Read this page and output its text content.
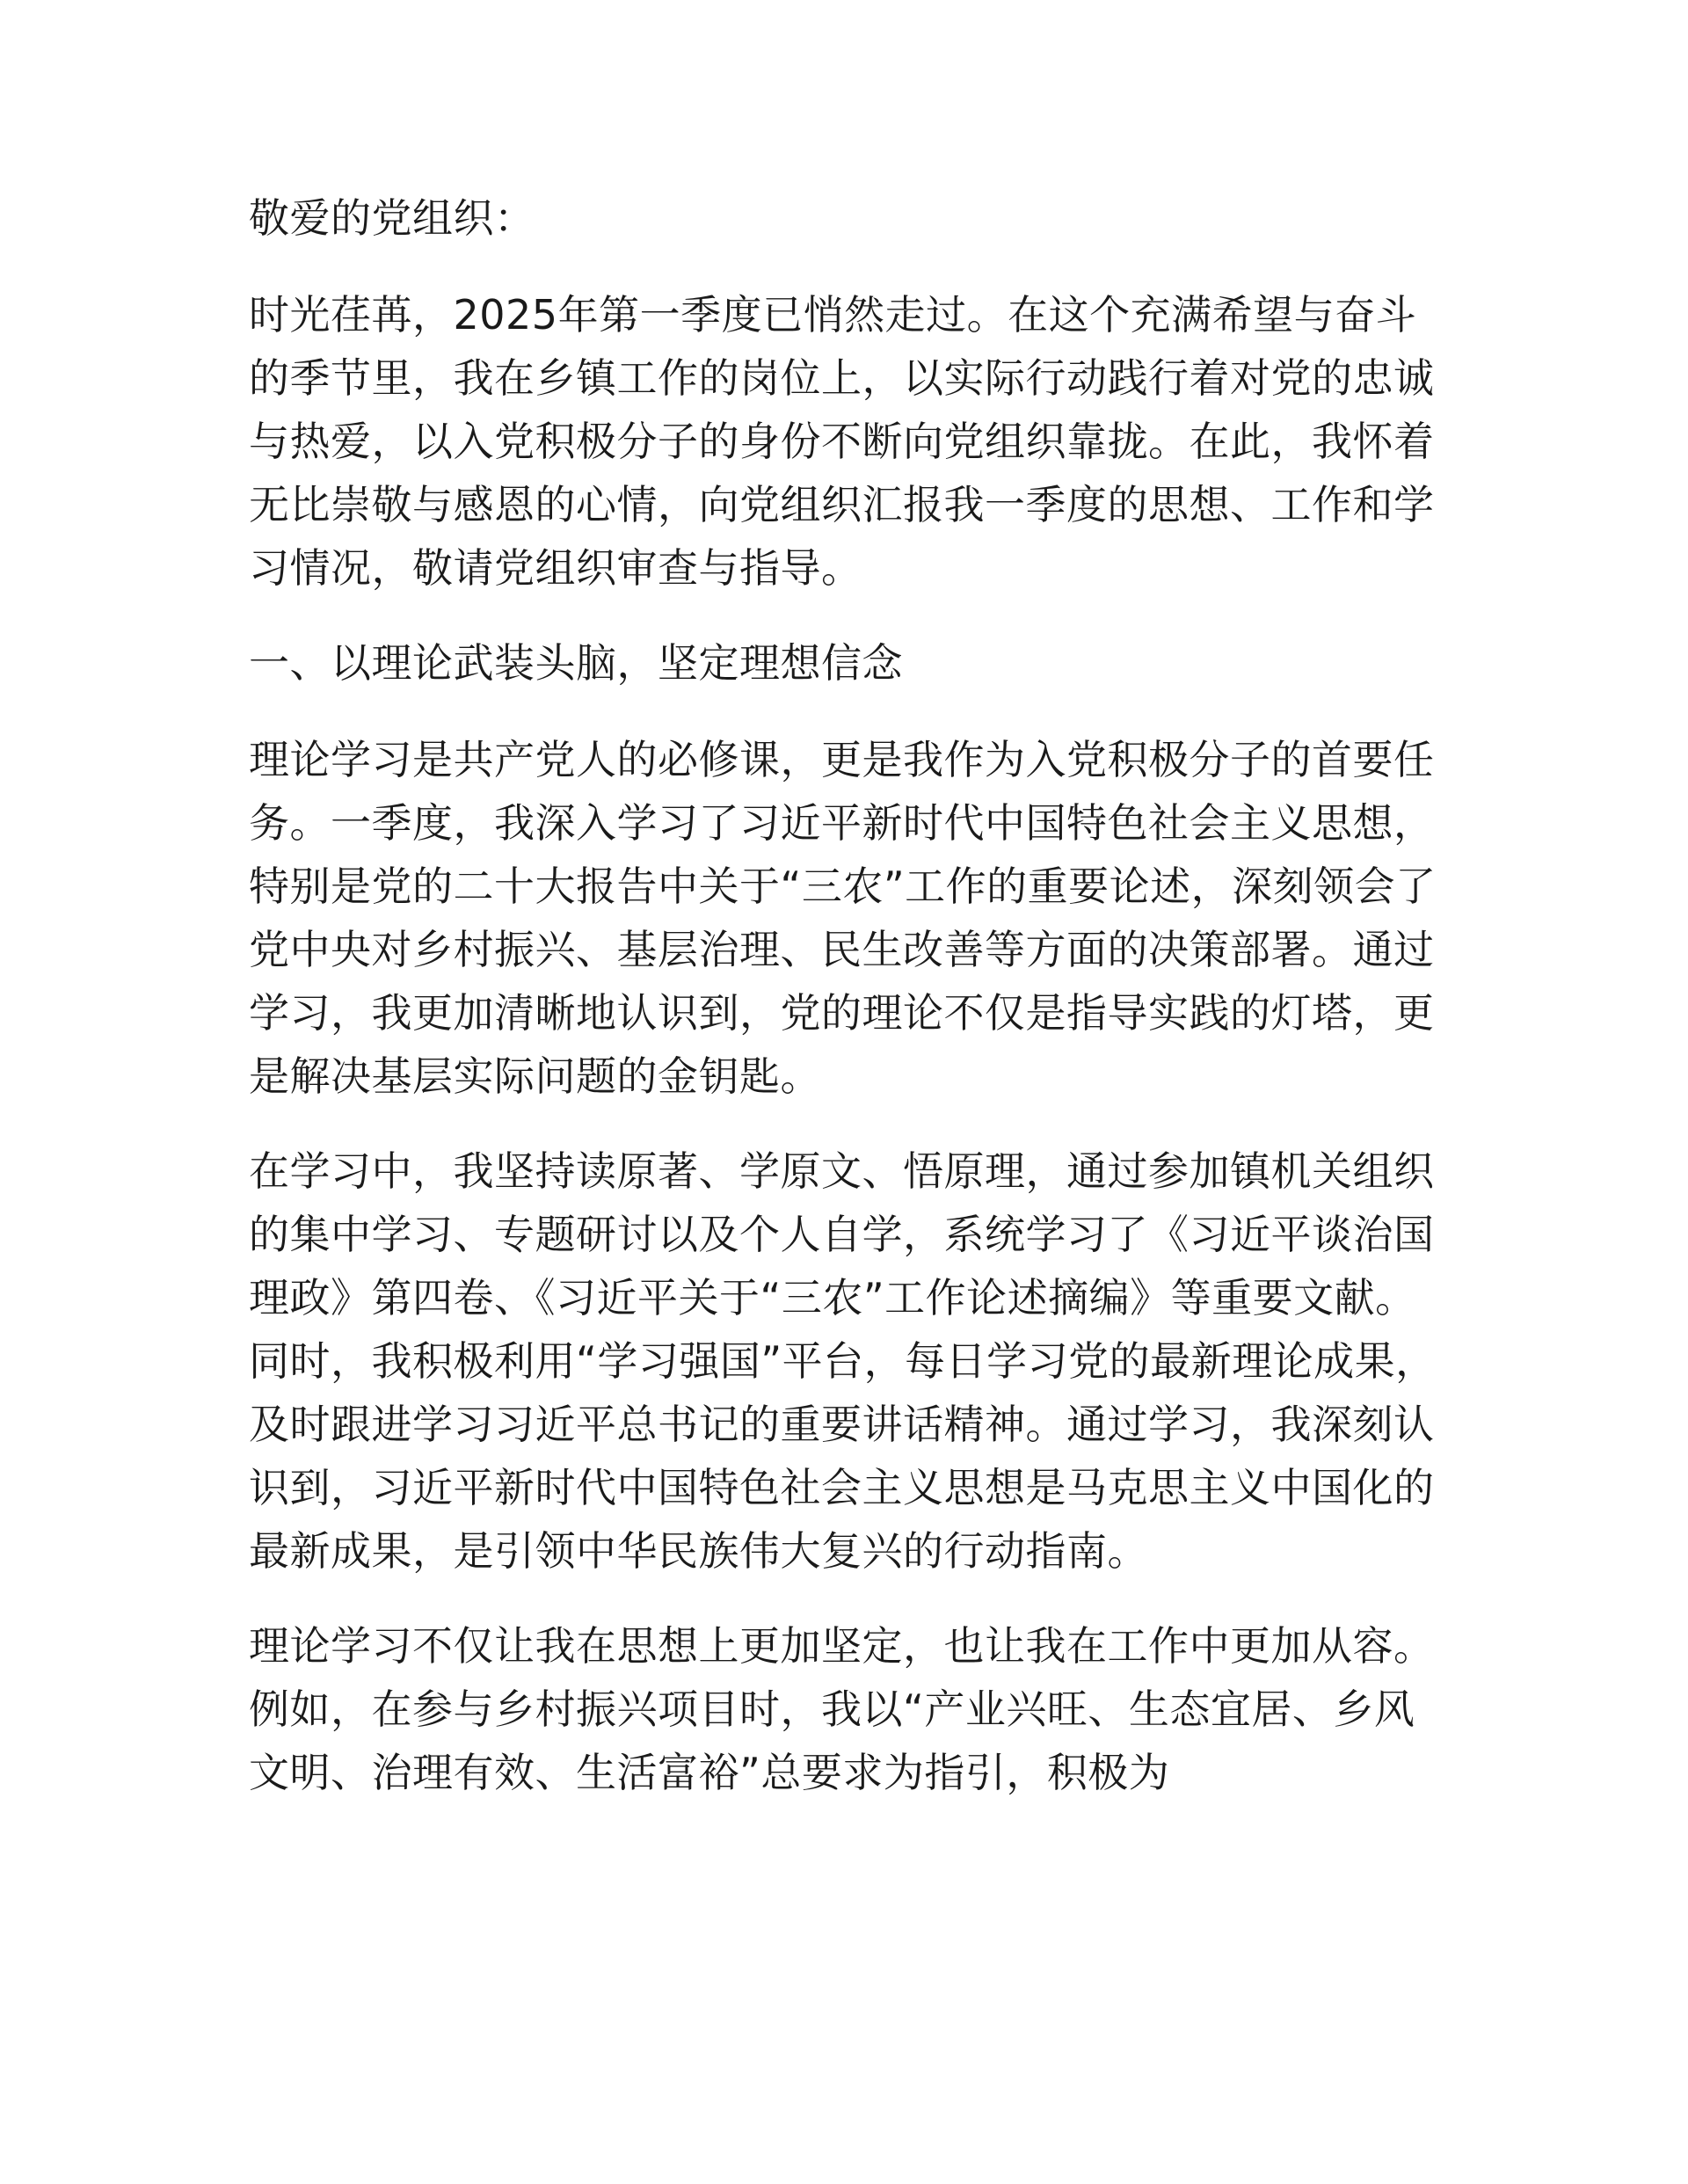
敬爱的党组织：

时光荏苒，2025年第一季度已悄然走过。在这个充满希望与奋斗的季节里，我在乡镇工作的岗位上，以实际行动践行着对党的忠诚与热爱，以入党积极分子的身份不断向党组织靠拢。在此，我怀着无比崇敬与感恩的心情，向党组织汇报我一季度的思想、工作和学习情况，敬请党组织审查与指导。

一、以理论武装头脑，坚定理想信念

理论学习是共产党人的必修课，更是我作为入党积极分子的首要任务。一季度，我深入学习了习近平新时代中国特色社会主义思想，特别是党的二十大报告中关于“三农”工作的重要论述，深刻领会了党中央对乡村振兴、基层治理、民生改善等方面的决策部署。通过学习，我更加清晰地认识到，党的理论不仅是指导实践的灯塔，更是解决基层实际问题的金钥匙。

在学习中，我坚持读原著、学原文、悟原理，通过参加镇机关组织的集中学习、专题研讨以及个人自学，系统学习了《习近平谈治国理政》第四卷、《习近平关于“三农”工作论述摘编》等重要文献。同时，我积极利用“学习强国”平台，每日学习党的最新理论成果，及时跟进学习习近平总书记的重要讲话精神。通过学习，我深刻认识到，习近平新时代中国特色社会主义思想是马克思主义中国化的最新成果，是引领中华民族伟大复兴的行动指南。

理论学习不仅让我在思想上更加坚定，也让我在工作中更加从容。例如，在参与乡村振兴项目时，我以“产业兴旺、生态宜居、乡风文明、治理有效、生活富裕”总要求为指引，积极为
